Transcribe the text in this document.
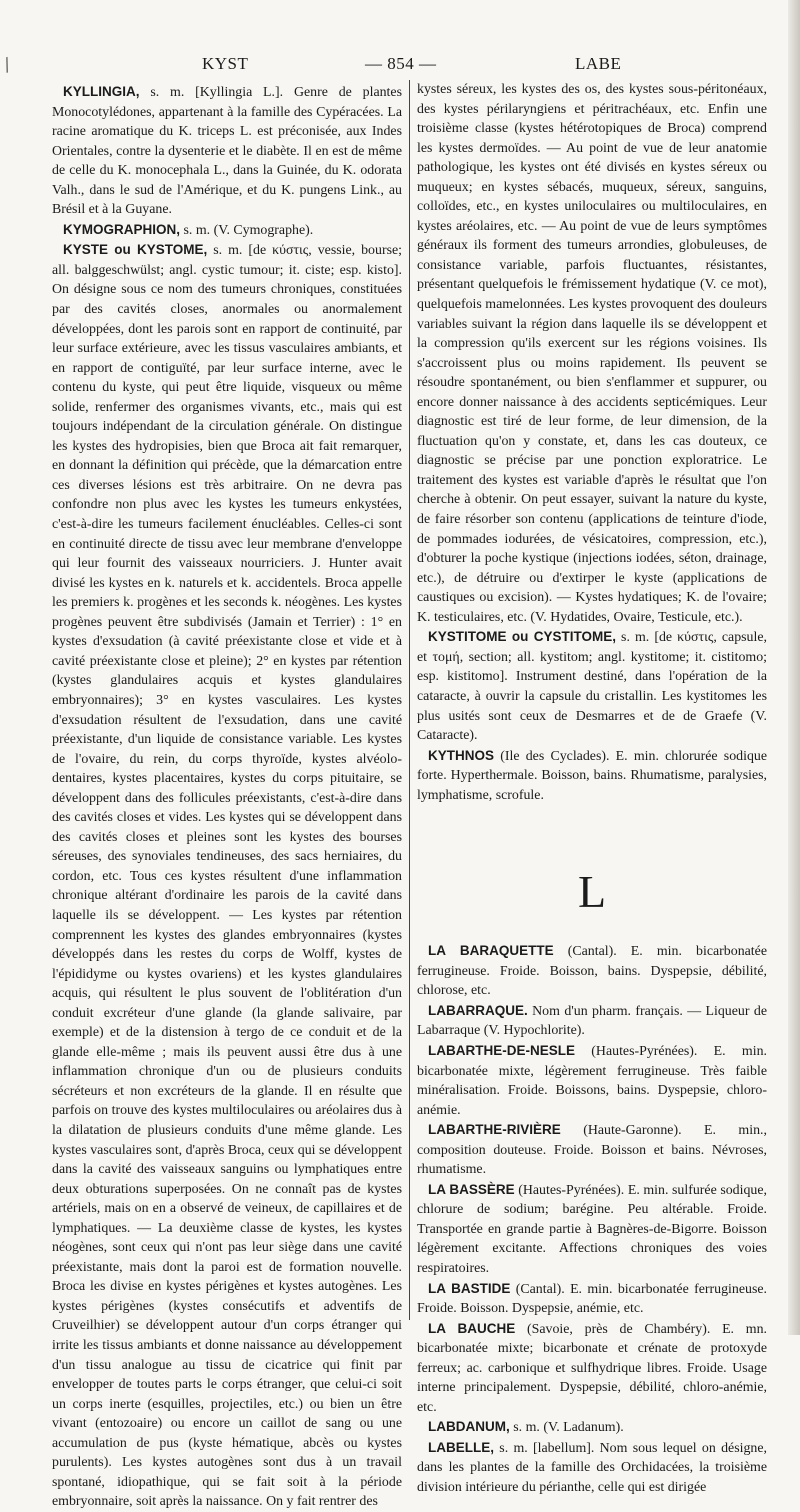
/	KYST	— 854 —	LABE

KYLLINGIA, s. m. [Kyllingia L.]. Genre de plantes Monocotylédones, appartenant à la famille des Cypéracées. La racine aromatique du K. triceps L. est préconisée, aux Indes Orientales, contre la dysenterie et le diabète. Il en est de même de celle du K. monocephala L., dans la Guinée, du K. odorata Valh., dans le sud de l'Amérique, et du K. pungens Link., au Brésil et à la Guyane.

KYMOGRAPHION, s. m. (V. Cymographe).

KYSTE ou KYSTOME, s. m. [de κύστις, vessie, bourse; all. balggeschwülst; angl. cystic tumour; it. ciste; esp. kisto]. On désigne sous ce nom des tumeurs chroniques, constituées par des cavités closes, anormales ou anormalement développées, dont les parois sont en rapport de continuité, par leur surface extérieure, avec les tissus vasculaires ambiants, et en rapport de contiguïté, par leur surface interne, avec le contenu du kyste, qui peut être liquide, visqueux ou même solide, renfermer des organismes vivants, etc., mais qui est toujours indépendant de la circulation générale. On distingue les kystes des hydropisies, bien que Broca ait fait remarquer, en donnant la définition qui précède, que la démarcation entre ces diverses lésions est très arbitraire. On ne devra pas confondre non plus avec les kystes les tumeurs enkystées, c'est-à-dire les tumeurs facilement énucléables. Celles-ci sont en continuité directe de tissu avec leur membrane d'enveloppe qui leur fournit des vaisseaux nourriciers. J. Hunter avait divisé les kystes en k. naturels et k. accidentels. Broca appelle les premiers k. progènes et les seconds k. néogènes. Les kystes progènes peuvent être subdivisés (Jamain et Terrier) : 1° en kystes d'exsudation (à cavité préexistante close et vide et à cavité préexistante close et pleine); 2° en kystes par rétention (kystes glandulaires acquis et kystes glandulaires embryonnaires); 3° en kystes vasculaires. Les kystes d'exsudation résultent de l'exsudation, dans une cavité préexistante, d'un liquide de consistance variable. Les kystes de l'ovaire, du rein, du corps thyroïde, kystes alvéolo-dentaires, kystes placentaires, kystes du corps pituitaire, se développent dans des follicules préexistants, c'est-à-dire dans des cavités closes et vides. Les kystes qui se développent dans des cavités closes et pleines sont les kystes des bourses séreuses, des synoviales tendineuses, des sacs herniaires, du cordon, etc. Tous ces kystes résultent d'une inflammation chronique altérant d'ordinaire les parois de la cavité dans laquelle ils se développent. — Les kystes par rétention comprennent les kystes des glandes embryonnaires (kystes développés dans les restes du corps de Wolff, kystes de l'épididyme ou kystes ovariens) et les kystes glandulaires acquis, qui résultent le plus souvent de l'oblitération d'un conduit excréteur d'une glande (la glande salivaire, par exemple) et de la distension à tergo de ce conduit et de la glande elle-même ; mais ils peuvent aussi être dus à une inflammation chronique d'un ou de plusieurs conduits sécréteurs et non excréteurs de la glande. Il en résulte que parfois on trouve des kystes multiloculaires ou aréolaires dus à la dilatation de plusieurs conduits d'une même glande. Les kystes vasculaires sont, d'après Broca, ceux qui se développent dans la cavité des vaisseaux sanguins ou lymphatiques entre deux obturations superposées. On ne connaît pas de kystes artériels, mais on en a observé de veineux, de capillaires et de lymphatiques. — La deuxième classe de kystes, les kystes néogènes, sont ceux qui n'ont pas leur siège dans une cavité préexistante, mais dont la paroi est de formation nouvelle. Broca les divise en kystes périgènes et kystes autogènes. Les kystes périgènes (kystes consécutifs et adventifs de Cruveilhier) se développent autour d'un corps étranger qui irrite les tissus ambiants et donne naissance au développement d'un tissu analogue au tissu de cicatrice qui finit par envelopper de toutes parts le corps étranger, que celui-ci soit un corps inerte (esquilles, projectiles, etc.) ou bien un être vivant (entozoaire) ou encore un caillot de sang ou une accumulation de pus (kyste hématique, abcès ou kystes purulents). Les kystes autogènes sont dus à un travail spontané, idiopathique, qui se fait soit à la période embryonnaire, soit après la naissance. On y fait rentrer des

kystes séreux, les kystes des os, des kystes sous-péritonéaux, des kystes périlaryngiens et péritrachéaux, etc. Enfin une troisième classe (kystes hétérotopiques de Broca) comprend les kystes dermoïdes. — Au point de vue de leur anatomie pathologique, les kystes ont été divisés en kystes séreux ou muqueux; en kystes sébacés, muqueux, séreux, sanguins, colloïdes, etc., en kystes uniloculaires ou multiloculaires, en kystes aréolaires, etc. — Au point de vue de leurs symptômes généraux ils forment des tumeurs arrondies, globuleuses, de consistance variable, parfois fluctuantes, résistantes, présentant quelquefois le frémissement hydatique (V. ce mot), quelquefois mamelonnées. Les kystes provoquent des douleurs variables suivant la région dans laquelle ils se développent et la compression qu'ils exercent sur les régions voisines. Ils s'accroissent plus ou moins rapidement. Ils peuvent se résoudre spontanément, ou bien s'enflammer et suppurer, ou encore donner naissance à des accidents septicémiques. Leur diagnostic est tiré de leur forme, de leur dimension, de la fluctuation qu'on y constate, et, dans les cas douteux, ce diagnostic se précise par une ponction exploratrice. Le traitement des kystes est variable d'après le résultat que l'on cherche à obtenir. On peut essayer, suivant la nature du kyste, de faire résorber son contenu (applications de teinture d'iode, de pommades iodurées, de vésicatoires, compression, etc.), d'obturer la poche kystique (injections iodées, séton, drainage, etc.), de détruire ou d'extirper le kyste (applications de caustiques ou excision). — Kystes hydatiques; K. de l'ovaire; K. testiculaires, etc. (V. Hydatides, Ovaire, Testicule, etc.).

KYSTITOME ou CYSTITOME, s. m. [de κύστις, capsule, et τομή, section; all. kystitom; angl. kystitome; it. cistitomo; esp. kistitomo]. Instrument destiné, dans l'opération de la cataracte, à ouvrir la capsule du cristallin. Les kystitomes les plus usités sont ceux de Desmarres et de de Graefe (V. Cataracte).

KYTHNOS (Ile des Cyclades). E. min. chlorurée sodique forte. Hyperthermale. Boisson, bains. Rhumatisme, paralysies, lymphatisme, scrofule.

L

LA BARAQUETTE (Cantal). E. min. bicarbonatée ferrugineuse. Froide. Boisson, bains. Dyspepsie, débilité, chlorose, etc.

LABARRAQUE. Nom d'un pharm. français. — Liqueur de Labarraque (V. Hypochlorite).

LABARTHE-DE-NESLE (Hautes-Pyrénées). E. min. bicarbonatée mixte, légèrement ferrugineuse. Très faible minéralisation. Froide. Boissons, bains. Dyspepsie, chloro-anémie.

LABARTHE-RIVIÈRE (Haute-Garonne). E. min., composition douteuse. Froide. Boisson et bains. Névroses, rhumatisme.

LA BASSÈRE (Hautes-Pyrénées). E. min. sulfurée sodique, chlorure de sodium; barégine. Peu altérable. Froide. Transportée en grande partie à Bagnères-de-Bigorre. Boisson légèrement excitante. Affections chroniques des voies respiratoires.

LA BASTIDE (Cantal). E. min. bicarbonatée ferrugineuse. Froide. Boisson. Dyspepsie, anémie, etc.

LA BAUCHE (Savoie, près de Chambéry). E. mn. bicarbonatée mixte; bicarbonate et crénate de protoxyde ferreux; ac. carbonique et sulfhydrique libres. Froide. Usage interne principalement. Dyspepsie, débilité, chloro-anémie, etc.

LABDANUM, s. m. (V. Ladanum).

LABELLE, s. m. [labellum]. Nom sous lequel on désigne, dans les plantes de la famille des Orchidacées, la troisième division intérieure du périanthe, celle qui est dirigée
